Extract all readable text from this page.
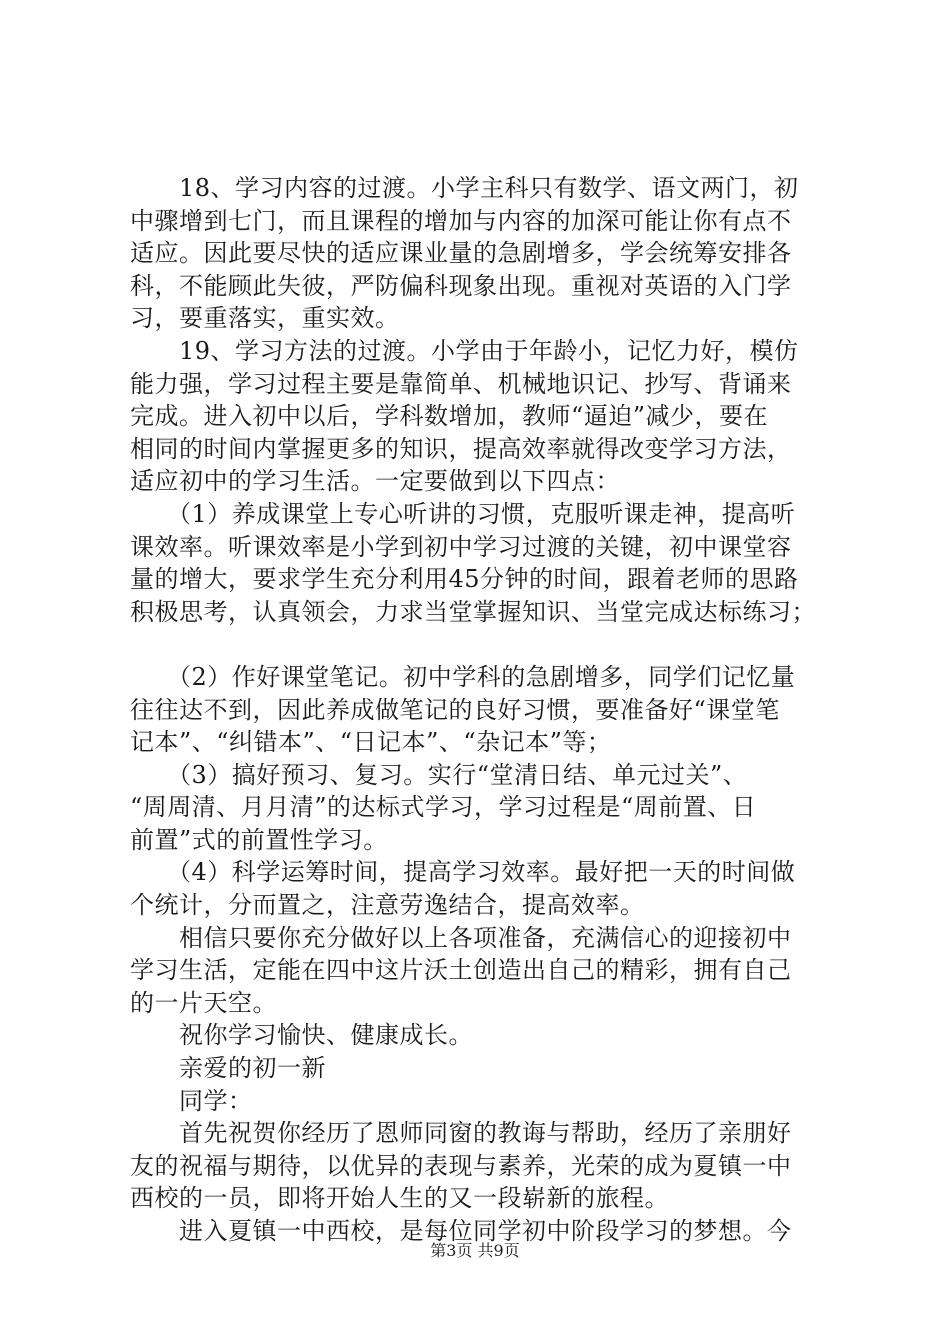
　　18、学习内容的过渡。小学主科只有数学、语文两门，初
中骤增到七门，而且课程的增加与内容的加深可能让你有点不
适应。因此要尽快的适应课业量的急剧增多，学会统筹安排各
科，不能顾此失彼，严防偏科现象出现。重视对英语的入门学
习，要重落实，重实效。
　　19、学习方法的过渡。小学由于年龄小，记忆力好，模仿
能力强，学习过程主要是靠简单、机械地识记、抄写、背诵来
完成。进入初中以后，学科数增加，教师“逼迫”减少，要在
相同的时间内掌握更多的知识，提高效率就得改变学习方法，
适应初中的学习生活。一定要做到以下四点：
　　（1）养成课堂上专心听讲的习惯，克服听课走神，提高听
课效率。听课效率是小学到初中学习过渡的关键，初中课堂容
量的增大，要求学生充分利用45分钟的时间，跟着老师的思路
积极思考，认真领会，力求当堂掌握知识、当堂完成达标练习；
　　（2）作好课堂笔记。初中学科的急剧增多，同学们记忆量
往往达不到，因此养成做笔记的良好习惯，要准备好“课堂笔
记本”、“纠错本”、“日记本”、“杂记本”等；
　　（3）搞好预习、复习。实行“堂清日结、单元过关”、
“周周清、月月清”的达标式学习，学习过程是“周前置、日
前置”式的前置性学习。
　　（4）科学运筹时间，提高学习效率。最好把一天的时间做
个统计，分而置之，注意劳逸结合，提高效率。
　　相信只要你充分做好以上各项准备，充满信心的迎接初中
学习生活，定能在四中这片沃土创造出自己的精彩，拥有自己
的一片天空。
　　祝你学习愉快、健康成长。
　　亲爱的初一新
　　同学：
　　首先祝贺你经历了恩师同窗的教诲与帮助，经历了亲朋好
友的祝福与期待，以优异的表现与素养，光荣的成为夏镇一中
西校的一员，即将开始人生的又一段崭新的旅程。
　　进入夏镇一中西校，是每位同学初中阶段学习的梦想。今
第3页 共9页
